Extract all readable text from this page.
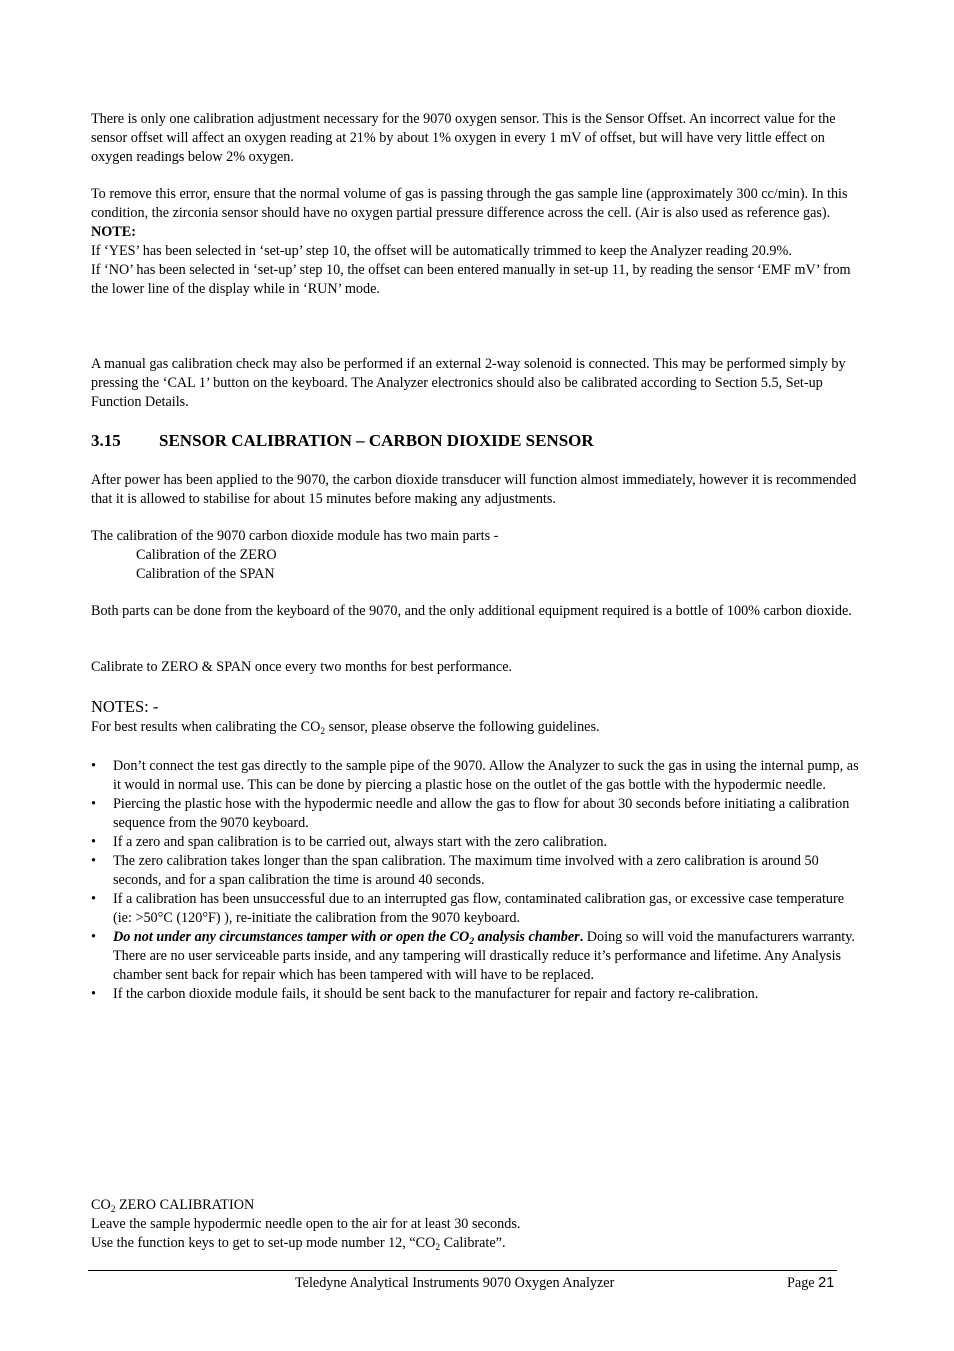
There is only one calibration adjustment necessary for the 9070 oxygen sensor. This is the Sensor Offset. An incorrect value for the sensor offset will affect an oxygen reading at 21% by about 1% oxygen in every 1 mV of offset, but will have very little effect on oxygen readings below 2% oxygen.

To remove this error, ensure that the normal volume of gas is passing through the gas sample line (approximately 300 cc/min). In this condition, the zirconia sensor should have no oxygen partial pressure difference across the cell. (Air is also used as reference gas).

NOTE:

If ‘YES’ has been selected in ‘set-up’ step 10, the offset will be automatically trimmed to keep the Analyzer reading 20.9%.

If ‘NO’ has been selected in ‘set-up’ step 10, the offset can been entered manually in set-up 11, by reading the sensor ‘EMF mV’ from the lower line of the display while in ‘RUN’ mode.

A manual gas calibration check may also be performed if an external 2-way solenoid is connected. This may be performed simply by pressing the ‘CAL 1’ button on the keyboard. The Analyzer electronics should also be calibrated according to Section 5.5, Set-up Function Details.

3.15 SENSOR CALIBRATION – CARBON DIOXIDE SENSOR

After power has been applied to the 9070, the carbon dioxide transducer will function almost immediately, however it is recommended that it is allowed to stabilise for about 15 minutes before making any adjustments.

The calibration of the 9070 carbon dioxide module has two main parts -

Calibration of the ZERO

Calibration of the SPAN

Both parts can be done from the keyboard of the 9070, and the only additional equipment required is a bottle of 100% carbon dioxide.

Calibrate to ZERO & SPAN once every two months for best performance.

NOTES: -

For best results when calibrating the $CO_2$ sensor, please observe the following guidelines.

• Don’t connect the test gas directly to the sample pipe of the 9070. Allow the Analyzer to suck the gas in using the internal pump, as it would in normal use. This can be done by piercing a plastic hose on the outlet of the gas bottle with the hypodermic needle.
• Piercing the plastic hose with the hypodermic needle and allow the gas to flow for about 30 seconds before initiating a calibration sequence from the 9070 keyboard.
• If a zero and span calibration is to be carried out, always start with the zero calibration.
• The zero calibration takes longer than the span calibration. The maximum time involved with a zero calibration is around 50 seconds, and for a span calibration the time is around 40 seconds.
• If a calibration has been unsuccessful due to an interrupted gas flow, contaminated calibration gas, or excessive case temperature (ie: >50°C (120°F) ), re-initiate the calibration from the 9070 keyboard.
• Do not under any circumstances tamper with or open the $CO_2$ analysis chamber. Doing so will void the manufacturers warranty. There are no user serviceable parts inside, and any tampering will drastically reduce it’s performance and lifetime. Any Analysis chamber sent back for repair which has been tampered with will have to be replaced.
• If the carbon dioxide module fails, it should be sent back to the manufacturer for repair and factory re-calibration.

$CO_2$ ZERO CALIBRATION

Leave the sample hypodermic needle open to the air for at least 30 seconds.

Use the function keys to get to set-up mode number 12, “$CO_2$ Calibrate”.

Teledyne Analytical Instruments 9070 Oxygen Analyzer	Page 21
